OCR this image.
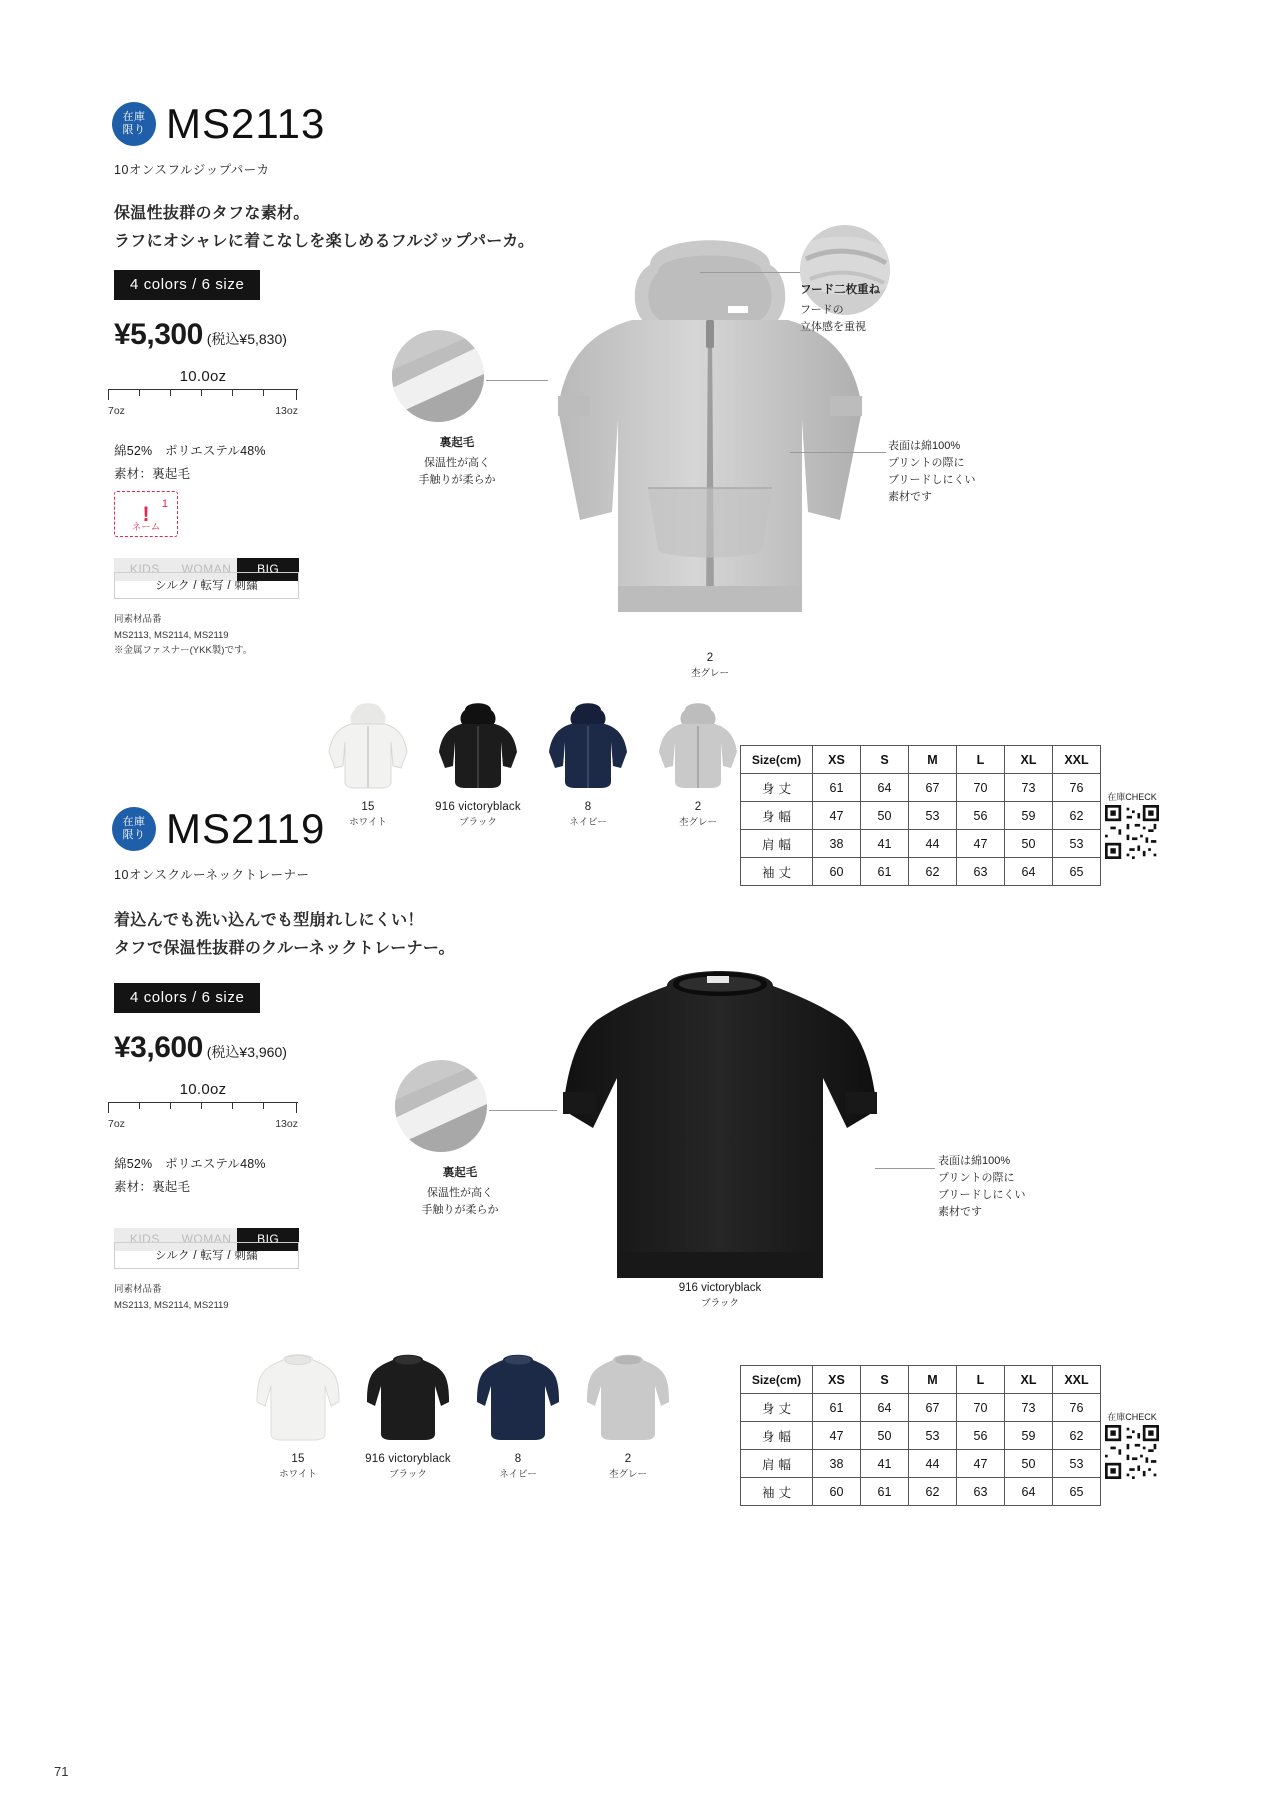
在庫
限り MS2113
10オンスフルジップパーカ
保温性抜群のタフな素材。
ラフにオシャレに着こなしを楽しめるフルジップパーカ。
4 colors / 6 size
¥5,300 (税込¥5,830)
10.0oz
7oz	13oz
綿52%　ポリエステル48%
素材：裏起毛
! 1
ネーム
KIDS	WOMAN	BIG
シルク / 転写 / 刺繍
同素材品番
MS2113, MS2114, MS2119
※金属ファスナー(YKK製)です。
2
杢グレー
フード二枚重ね
フードの
立体感を重視
裏起毛
保温性が高く
手触りが柔らか
表面は綿100%
プリントの際に
ブリードしにくい
素材です
15
ホワイト
916 victoryblack
ブラック
8
ネイビー
2
杢グレー
Size(cm)	XS	S	M	L	XL	XXL
身丈	61	64	67	70	73	76
身幅	47	50	53	56	59	62
肩幅	38	41	44	47	50	53
袖丈	60	61	62	63	64	65
在庫CHECK
在庫
限り MS2119
10オンスクルーネックトレーナー
着込んでも洗い込んでも型崩れしにくい！
タフで保温性抜群のクルーネックトレーナー。
4 colors / 6 size
¥3,600 (税込¥3,960)
10.0oz
7oz	13oz
綿52%　ポリエステル48%
素材：裏起毛
KIDS	WOMAN	BIG
シルク / 転写 / 刺繍
同素材品番
MS2113, MS2114, MS2119
916 victoryblack
ブラック
裏起毛
保温性が高く
手触りが柔らか
表面は綿100%
プリントの際に
ブリードしにくい
素材です
15
ホワイト
916 victoryblack
ブラック
8
ネイビー
2
杢グレー
Size(cm)	XS	S	M	L	XL	XXL
身丈	61	64	67	70	73	76
身幅	47	50	53	56	59	62
肩幅	38	41	44	47	50	53
袖丈	60	61	62	63	64	65
在庫CHECK
71
